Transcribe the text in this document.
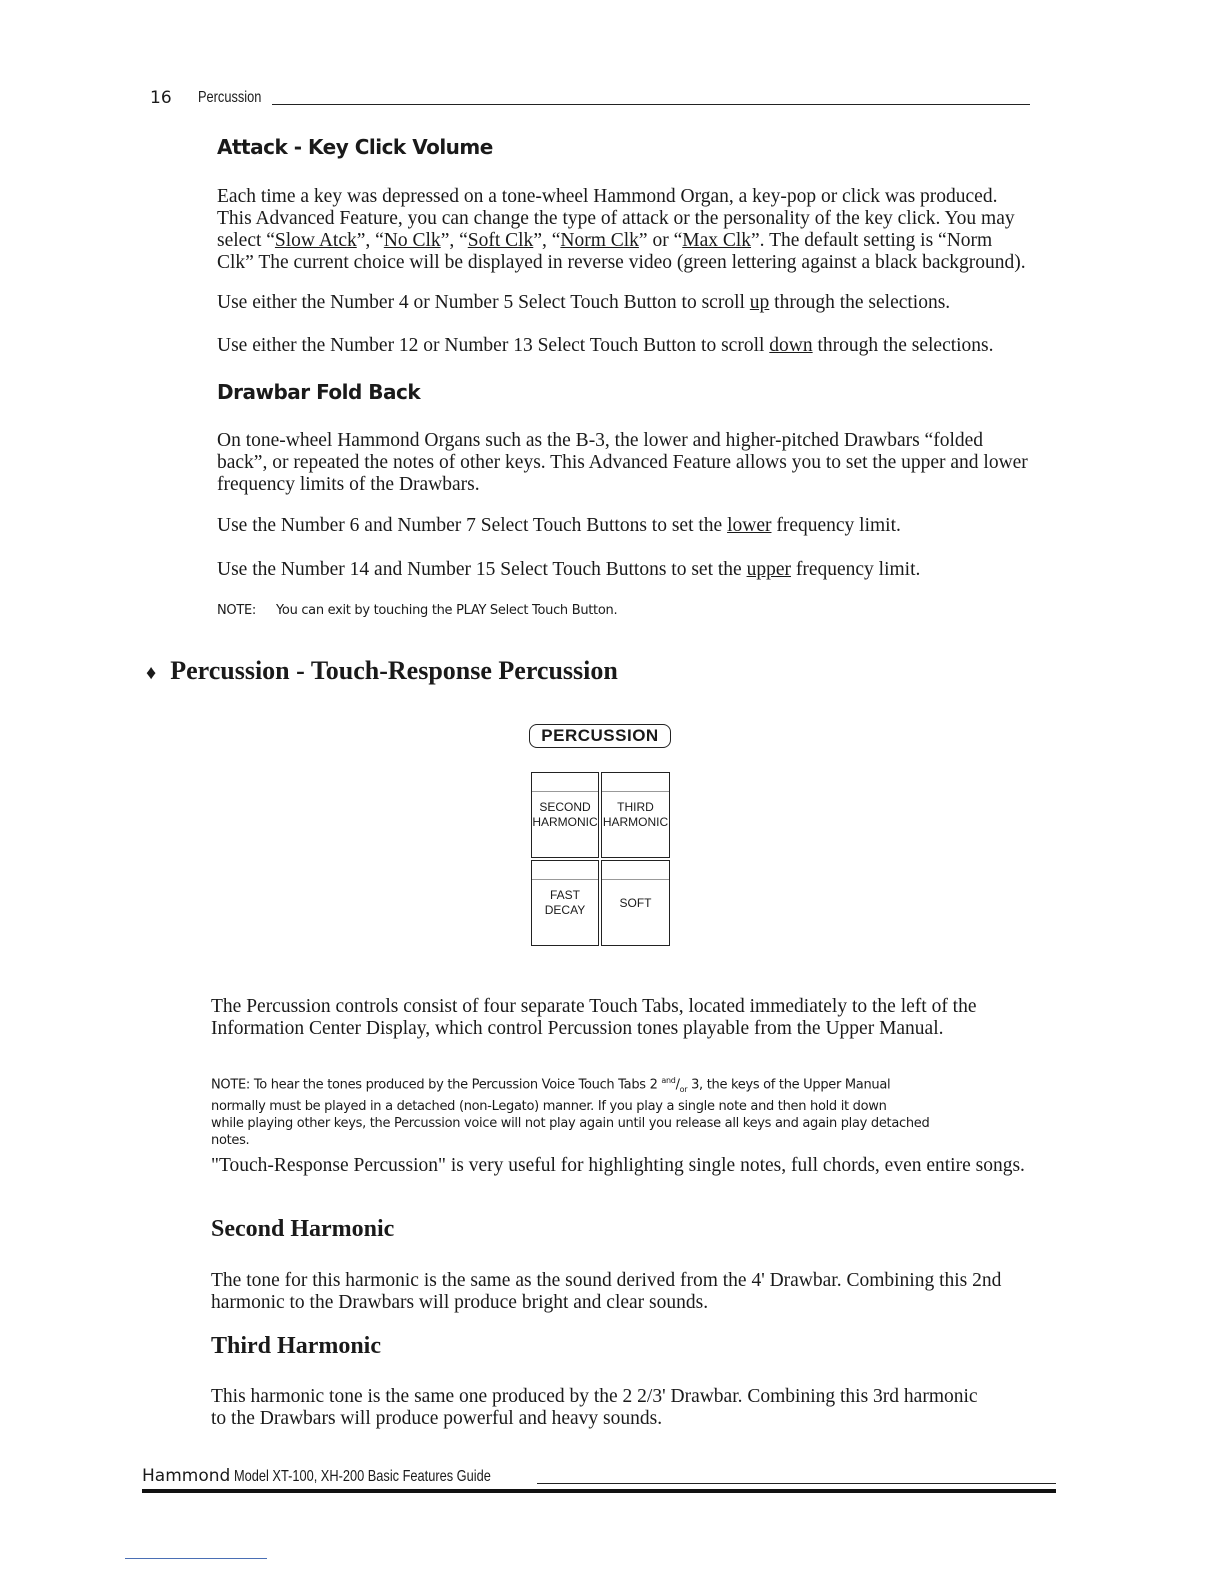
16 Percussion
Attack - Key Click Volume
Each time a key was depressed on a tone-wheel Hammond Organ, a key-pop or click was produced.
This Advanced Feature, you can change the type of attack or the personality of the key click. You may
select “Slow Atck”, “No Clk”, “Soft Clk”, “Norm Clk” or “Max Clk”. The default setting is “Norm
Clk” The current choice will be displayed in reverse video (green lettering against a black background).
Use either the Number 4 or Number 5 Select Touch Button to scroll up through the selections.
Use either the Number 12 or Number 13 Select Touch Button to scroll down through the selections.
Drawbar Fold Back
On tone-wheel Hammond Organs such as the B-3, the lower and higher-pitched Drawbars “folded
back”, or repeated the notes of other keys. This Advanced Feature allows you to set the upper and lower
frequency limits of the Drawbars.
Use the Number 6 and Number 7 Select Touch Buttons to set the lower frequency limit.
Use the Number 14 and Number 15 Select Touch Buttons to set the upper frequency limit.
NOTE: You can exit by touching the PLAY Select Touch Button.
♦ Percussion - Touch-Response Percussion
PERCUSSION
SECOND
HARMONIC
THIRD
HARMONIC
FAST
DECAY
SOFT
The Percussion controls consist of four separate Touch Tabs, located immediately to the left of the
Information Center Display, which control Percussion tones playable from the Upper Manual.
NOTE: To hear the tones produced by the Percussion Voice Touch Tabs 2 $^{and}/_{or}$ 3, the keys of the Upper Manual
normally must be played in a detached (non-Legato) manner. If you play a single note and then hold it down
while playing other keys, the Percussion voice will not play again until you release all keys and again play detached
notes.
"Touch-Response Percussion" is very useful for highlighting single notes, full chords, even entire songs.
Second Harmonic
The tone for this harmonic is the same as the sound derived from the 4' Drawbar. Combining this 2nd
harmonic to the Drawbars will produce bright and clear sounds.
Third Harmonic
This harmonic tone is the same one produced by the 2 2/3' Drawbar. Combining this 3rd harmonic
to the Drawbars will produce powerful and heavy sounds.
Hammond Model XT-100, XH-200 Basic Features Guide
